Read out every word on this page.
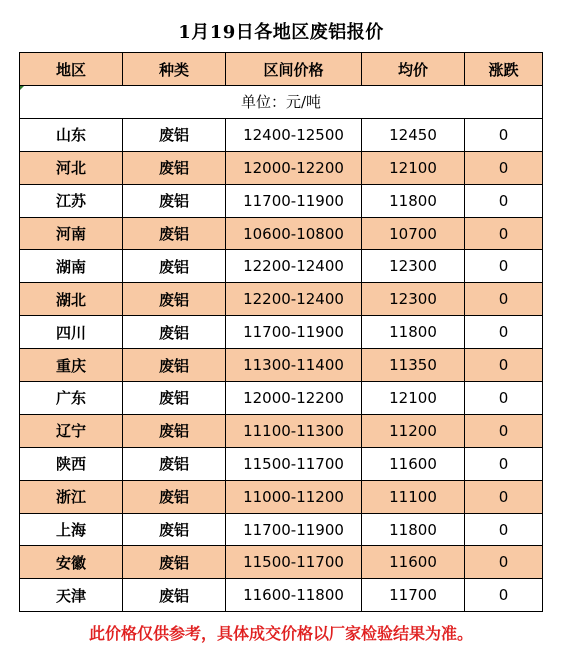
1月19日各地区废铝报价
地区	种类	区间价格	均价	涨跌
单位：元/吨				
山东	废铝	12400-12500	12450	0
河北	废铝	12000-12200	12100	0
江苏	废铝	11700-11900	11800	0
河南	废铝	10600-10800	10700	0
湖南	废铝	12200-12400	12300	0
湖北	废铝	12200-12400	12300	0
四川	废铝	11700-11900	11800	0
重庆	废铝	11300-11400	11350	0
广东	废铝	12000-12200	12100	0
辽宁	废铝	11100-11300	11200	0
陕西	废铝	11500-11700	11600	0
浙江	废铝	11000-11200	11100	0
上海	废铝	11700-11900	11800	0
安徽	废铝	11500-11700	11600	0
天津	废铝	11600-11800	11700	0
此价格仅供参考，具体成交价格以厂家检验结果为准。
